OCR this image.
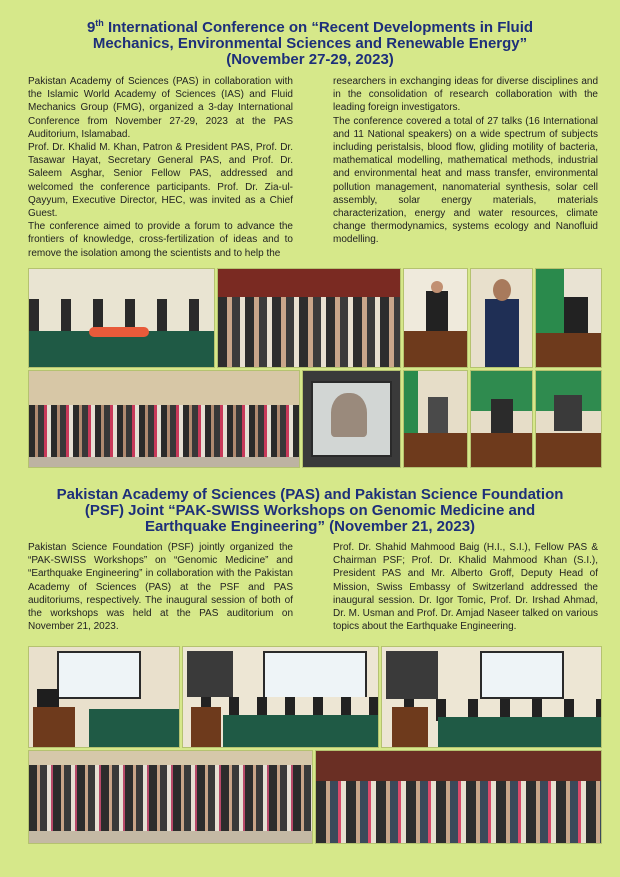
9th International Conference on “Recent Developments in Fluid
Mechanics, Environmental Sciences and Renewable Energy”
(November 27-29, 2023)

Pakistan Academy of Sciences (PAS) in collaboration with the Islamic World Academy of Sciences (IAS) and Fluid Mechanics Group (FMG), organized a 3-day International Conference from November 27-29, 2023 at the PAS Auditorium, Islamabad.

Prof. Dr. Khalid M. Khan, Patron & President PAS, Prof. Dr. Tasawar Hayat, Secretary General PAS, and Prof. Dr. Saleem Asghar, Senior Fellow PAS, addressed and welcomed the conference participants. Prof. Dr. Zia-ul-Qayyum, Executive Director, HEC, was invited as a Chief Guest.

The conference aimed to provide a forum to advance the frontiers of knowledge, cross-fertilization of ideas and to remove the isolation among the scientists and to help the

researchers in exchanging ideas for diverse disciplines and in the consolidation of research collaboration with the leading foreign investigators.

The conference covered a total of 27 talks (16 International and 11 National speakers) on a wide spectrum of subjects including peristalsis, blood flow, gliding motility of bacteria, mathematical modelling, mathematical methods, industrial and environmental heat and mass transfer, environmental pollution management, nanomaterial synthesis, solar cell assembly, solar energy materials, materials characterization, energy and water resources, climate change thermodynamics, systems ecology and Nanofluid modelling.

Pakistan Academy of Sciences (PAS) and Pakistan Science Foundation
(PSF) Joint “PAK-SWISS Workshops on Genomic Medicine and
Earthquake Engineering” (November 21, 2023)

Pakistan Science Foundation (PSF) jointly organized the “PAK-SWISS Workshops” on “Genomic Medicine” and “Earthquake Engineering” in collaboration with the Pakistan Academy of Sciences (PAS) at the PSF and PAS auditoriums, respectively. The inaugural session of both of the workshops was held at the PAS auditorium on November 21, 2023.

Prof. Dr. Shahid Mahmood Baig (H.I., S.I.), Fellow PAS & Chairman PSF; Prof. Dr. Khalid Mahmood Khan (S.I.), President PAS and Mr. Alberto Groff, Deputy Head of Mission, Swiss Embassy of Switzerland addressed the inaugural session. Dr. Igor Tomic, Prof. Dr. Irshad Ahmad, Dr. M. Usman and Prof. Dr. Amjad Naseer talked on various topics about the Earthquake Engineering.
